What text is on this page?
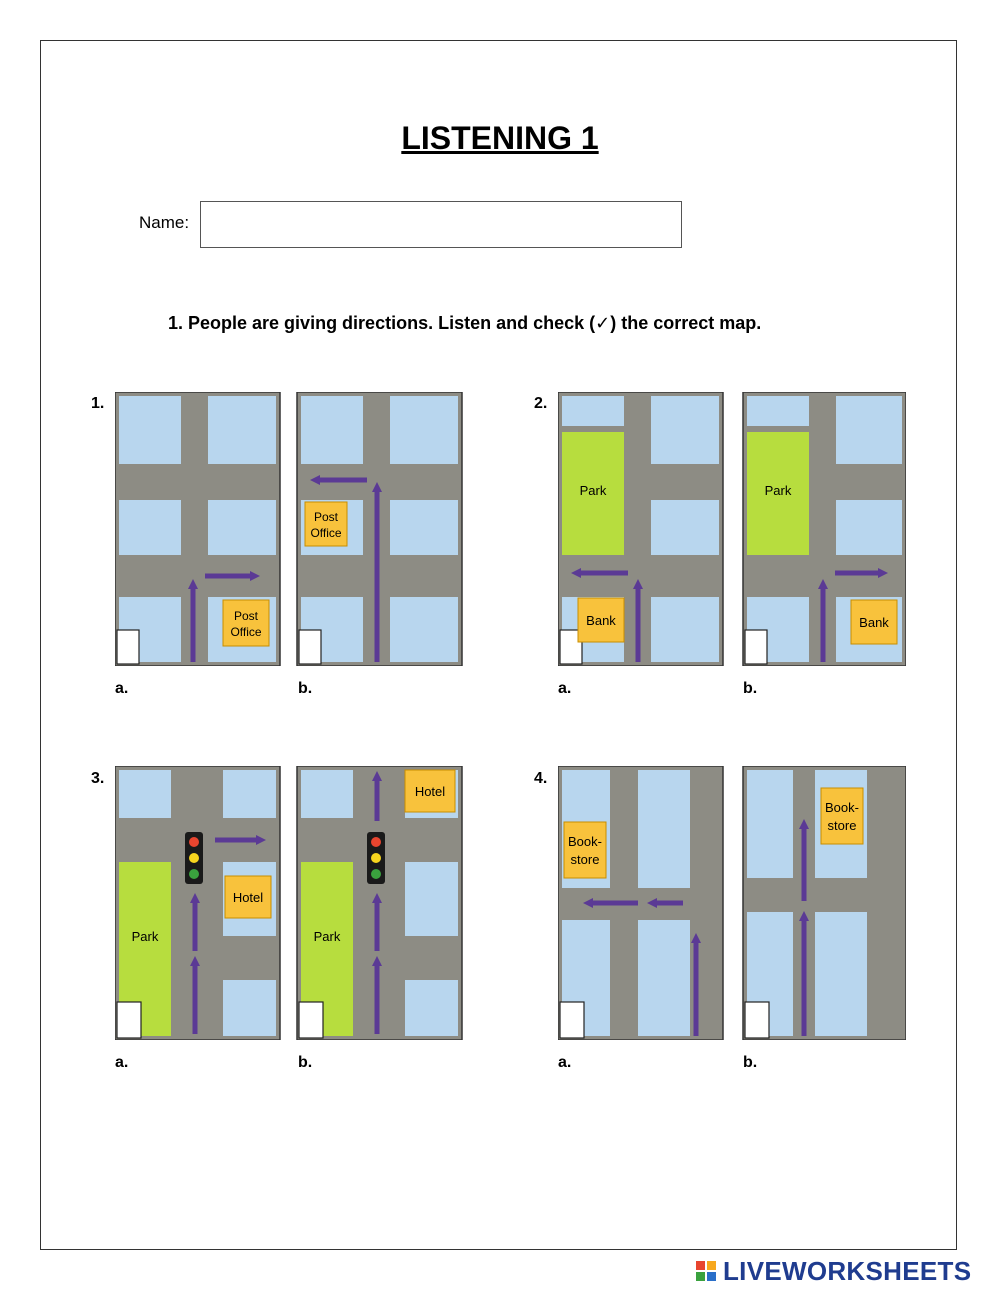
LISTENING 1
Name:
1. People are giving directions. Listen and check (✓) the correct map.
1.
Post
Office
Post
Office
a.	b.
2.
Park
Bank
Park
Bank
a.	b.
3.
Park
Hotel
Park
Hotel
a.	b.
4.
Book-
store
Book-
store
a.	b.
LIVEWORKSHEETS
